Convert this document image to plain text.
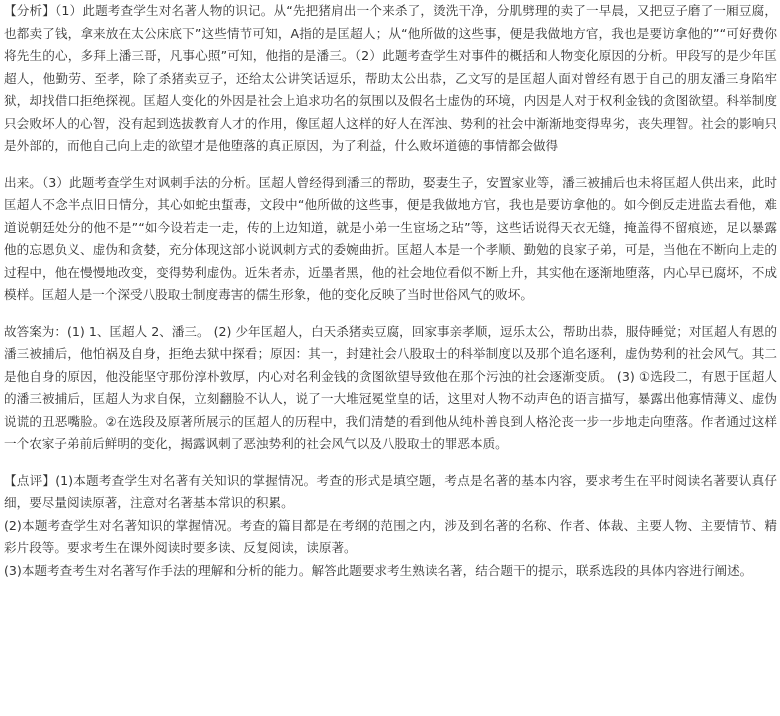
【分析】（1）此题考查学生对名著人物的识记。从“先把猪肩出一个来杀了，烫洗干净，分肌劈理的卖了一早晨，又把豆子磨了一厢豆腐，也都卖了钱，拿来放在太公床底下”这些情节可知，A指的是匡超人；从“他所做的这些事，便是我做地方官，我也是要访拿他的”“可好费你将先生的心，多拜上潘三哥，凡事心照”可知，他指的是潘三。（2）此题考查学生对事件的概括和人物变化原因的分析。甲段写的是少年匡超人，他勤劳、至孝，除了杀猪卖豆子，还给太公讲笑话逗乐，帮助太公出恭，乙文写的是匡超人面对曾经有恩于自己的朋友潘三身陷牢狱，却找借口拒绝探视。匡超人变化的外因是社会上追求功名的氛围以及假名士虚伪的环境，内因是人对于权利金钱的贪图欲望。科举制度只会败坏人的心智，没有起到选拔教育人才的作用，像匡超人这样的好人在浑浊、势利的社会中渐渐地变得卑劣，丧失理智。社会的影响只是外部的，而他自己向上走的欲望才是他堕落的真正原因，为了利益，什么败坏道德的事情都会做得

出来。（3）此题考查学生对讽刺手法的分析。匡超人曾经得到潘三的帮助，娶妻生子，安置家业等，潘三被捕后也未将匡超人供出来，此时匡超人不念半点旧日情分，其心如蛇虫蜇毒，文段中“他所做的这些事，便是我做地方官，我也是要访拿他的。如今倒反走进监去看他，难道说朝廷处分的他不是”“如今设若走一走，传的上边知道，就是小弟一生宦场之玷”等，这些话说得天衣无缝，掩盖得不留痕迹，足以暴露他的忘恩负义、虚伪和贪婪，充分体现这部小说讽刺方式的委婉曲折。匡超人本是一个孝顺、勤勉的良家子弟，可是，当他在不断向上走的过程中，他在慢慢地改变，变得势利虚伪。近朱者赤，近墨者黑，他的社会地位看似不断上升，其实他在逐渐地堕落，内心早已腐坏，不成模样。匡超人是一个深受八股取士制度毒害的儒生形象，他的变化反映了当时世俗风气的败坏。

故答案为：(1) 1、匡超人 2、潘三。 (2) 少年匡超人，白天杀猪卖豆腐，回家事亲孝顺，逗乐太公，帮助出恭，服侍睡觉；对匡超人有恩的潘三被捕后，他怕祸及自身，拒绝去狱中探看；原因：其一，封建社会八股取士的科举制度以及那个追名逐利，虚伪势利的社会风气。其二是他自身的原因，他没能坚守那份淳朴敦厚，内心对名利金钱的贪图欲望导致他在那个污浊的社会逐渐变质。 (3) ①选段二，有恩于匡超人的潘三被捕后，匡超人为求自保，立刻翻脸不认人，说了一大堆冠冕堂皇的话，这里对人物不动声色的语言描写，暴露出他寡情薄义、虚伪说谎的丑恶嘴脸。②在选段及原著所展示的匡超人的历程中，我们清楚的看到他从纯朴善良到人格沦丧一步一步地走向堕落。作者通过这样一个农家子弟前后鲜明的变化，揭露讽刺了恶浊势利的社会风气以及八股取士的罪恶本质。

【点评】(1)本题考查学生对名著有关知识的掌握情况。考查的形式是填空题，考点是名著的基本内容，要求考生在平时阅读名著要认真仔细，要尽量阅读原著，注意对名著基本常识的积累。

(2)本题考查学生对名著知识的掌握情况。考查的篇目都是在考纲的范围之内，涉及到名著的名称、作者、体裁、主要人物、主要情节、精彩片段等。要求考生在课外阅读时要多读、反复阅读，读原著。

(3)本题考查考生对名著写作手法的理解和分析的能力。解答此题要求考生熟读名著，结合题干的提示，联系选段的具体内容进行阐述。
